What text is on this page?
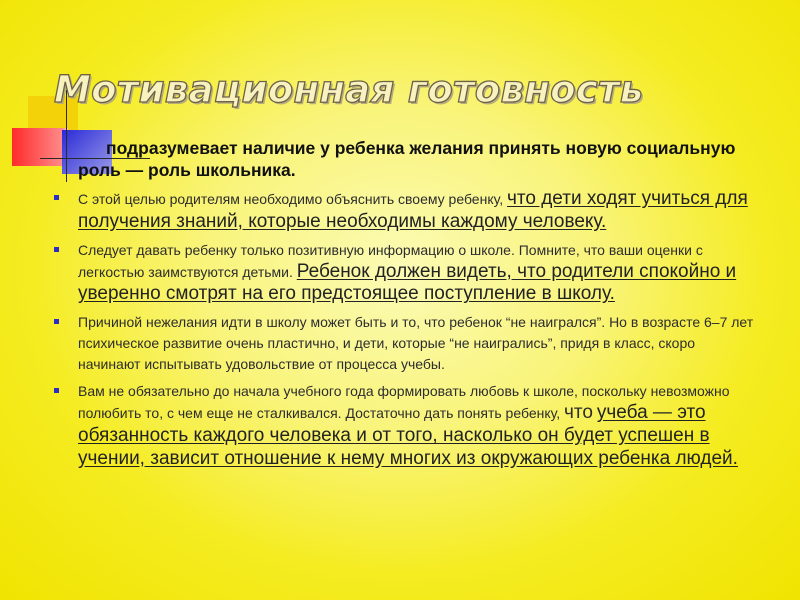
Мотивационная готовность
подразумевает наличие у ребенка желания принять новую социальную роль — роль школьника.
С этой целью родителям необходимо объяснить своему ребенку, что дети ходят учиться для получения знаний, которые необходимы каждому человеку.
Следует давать ребенку только позитивную информацию о школе. Помните, что ваши оценки с легкостью заимствуются детьми. Ребенок должен видеть, что родители спокойно и уверенно смотрят на его предстоящее поступление в школу.
Причиной нежелания идти в школу может быть и то, что ребенок “не наигрался”. Но в возрасте 6–7 лет психическое развитие очень пластично, и дети, которые “не наигрались”, придя в класс, скоро начинают испытывать удовольствие от процесса учебы.
Вам не обязательно до начала учебного года формировать любовь к школе, поскольку невозможно полюбить то, с чем еще не сталкивался. Достаточно дать понять ребенку, что учеба — это обязанность каждого человека и от того, насколько он будет успешен в учении, зависит отношение к нему многих из окружающих ребенка людей.
